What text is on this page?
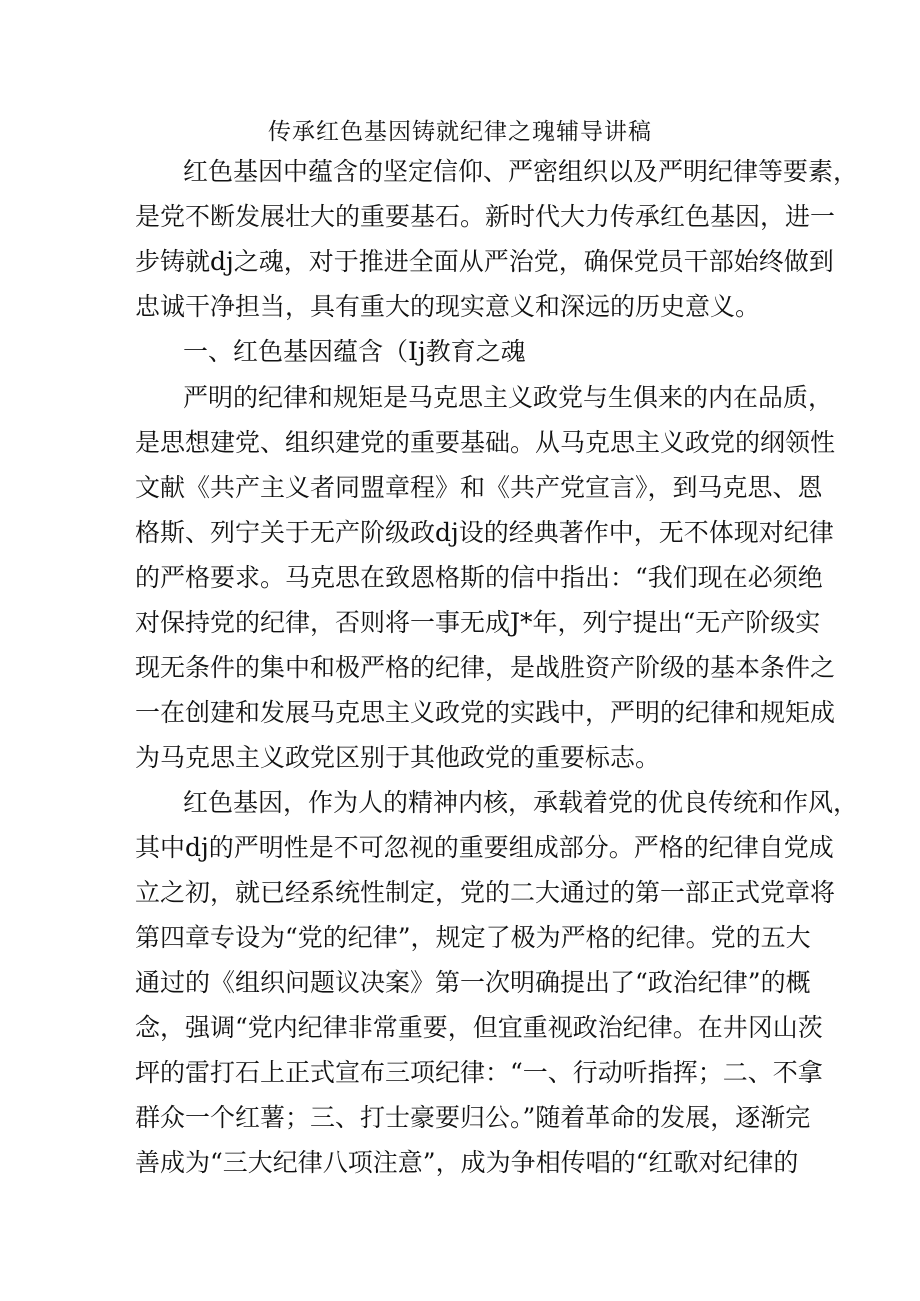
传承红色基因铸就纪律之瑰辅导讲稿
红色基因中蕴含的坚定信仰、严密组织以及严明纪律等要素，
是党不断发展壮大的重要基石。新时代大力传承红色基因，进一
步铸就dj之魂，对于推进全面从严治党，确保党员干部始终做到
忠诚干净担当，具有重大的现实意义和深远的历史意义。
一、红色基因蕴含（Ij教育之魂
严明的纪律和规矩是马克思主义政党与生俱来的内在品质，
是思想建党、组织建党的重要基础。从马克思主义政党的纲领性
文献《共产主义者同盟章程》和《共产党宣言》，到马克思、恩
格斯、列宁关于无产阶级政dj设的经典著作中，无不体现对纪律
的严格要求。马克思在致恩格斯的信中指出：“我们现在必须绝
对保持党的纪律，否则将一事无成J*年，列宁提出“无产阶级实
现无条件的集中和极严格的纪律，是战胜资产阶级的基本条件之
一在创建和发展马克思主义政党的实践中，严明的纪律和规矩成
为马克思主义政党区别于其他政党的重要标志。
红色基因，作为人的精神内核，承载着党的优良传统和作风，
其中dj的严明性是不可忽视的重要组成部分。严格的纪律自党成
立之初，就已经系统性制定，党的二大通过的第一部正式党章将
第四章专设为“党的纪律”，规定了极为严格的纪律。党的五大
通过的《组织问题议决案》第一次明确提出了“政治纪律”的概
念，强调“党内纪律非常重要，但宜重视政治纪律。在井冈山茨
坪的雷打石上正式宣布三项纪律：“一、行动听指挥；二、不拿
群众一个红薯；三、打士豪要归公。”随着革命的发展，逐渐完
善成为“三大纪律八项注意”，成为争相传唱的“红歌对纪律的
